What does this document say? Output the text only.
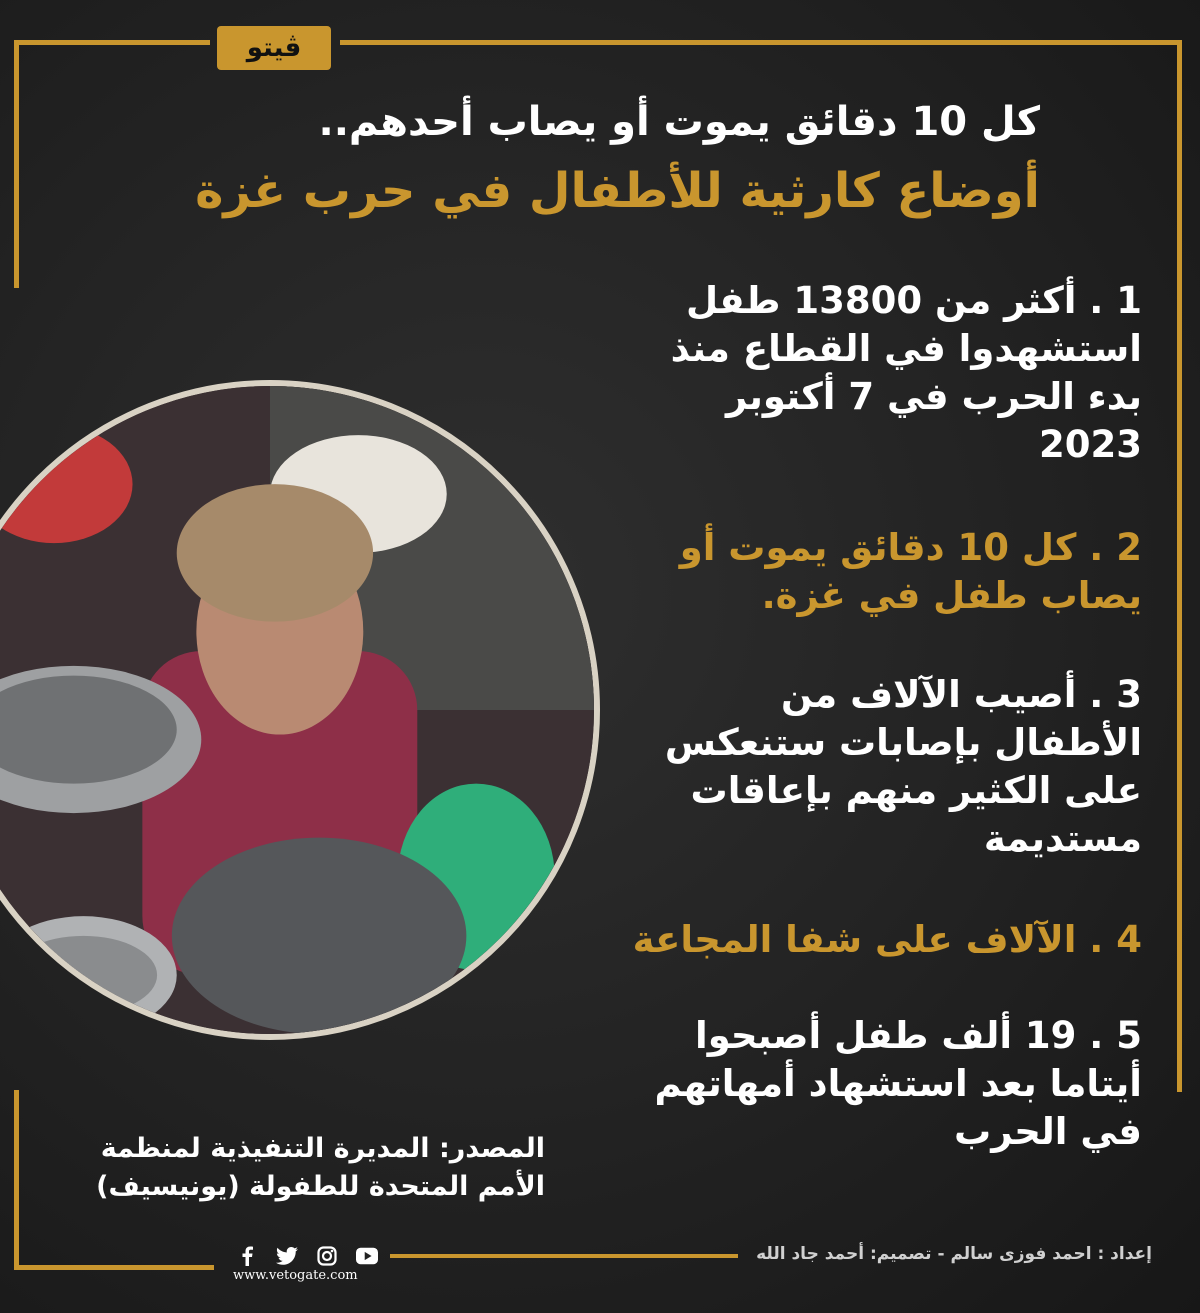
ڤيتو
كل 10 دقائق يموت أو يصاب أحدهم..
أوضاع كارثية للأطفال في حرب غزة
1 . أكثر من 13800 طفل استشهدوا في القطاع منذ بدء الحرب في 7 أكتوبر 2023
2 . كل 10 دقائق يموت أو يصاب طفل في غزة.
3 . أصيب الآلاف من الأطفال بإصابات ستنعكس على الكثير منهم بإعاقات مستديمة
4 . الآلاف على شفا المجاعة
5 . 19 ألف طفل أصبحوا أيتاما بعد استشهاد أمهاتهم في الحرب
المصدر: المديرة التنفيذية لمنظمة الأمم المتحدة للطفولة (يونيسيف)
www.vetogate.com
إعداد : احمد فوزى سالم - تصميم: أحمد جاد الله
